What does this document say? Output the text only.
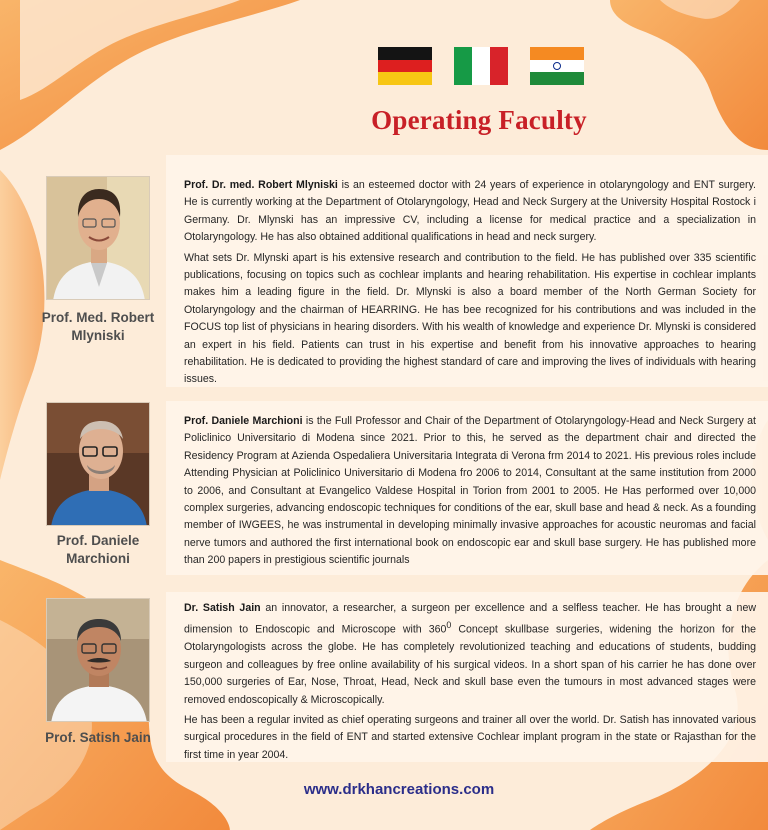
Operating Faculty
Prof. Med. Robert Mlyniski

Prof. Dr. med. Robert Mlyniski is an esteemed doctor with 24 years of experience in otolaryngology and ENT surgery. He is currently working at the Department of Otolaryngology, Head and Neck Surgery at the University Hospital Rostock i Germany. Dr. Mlynski has an impressive CV, including a license for medical practice and a specialization in Otolaryngology. He has also obtained additional qualifications in head and neck surgery.

What sets Dr. Mlynski apart is his extensive research and contribution to the field. He has published over 335 scientific publications, focusing on topics such as cochlear implants and hearing rehabilitation. His expertise in cochlear implants makes him a leading figure in the field. Dr. Mlynski is also a board member of the North German Society for Otolaryngology and the chairman of HEARRING. He has bee recognized for his contributions and was included in the FOCUS top list of physicians in hearing disorders. With his wealth of knowledge and experience Dr. Mlynski is considered an expert in his field. Patients can trust in his expertise and benefit from his innovative approaches to hearing rehabilitation. He is dedicated to providing the highest standard of care and improving the lives of individuals with hearing issues.

Prof. Daniele Marchioni

Prof. Daniele Marchioni is the Full Professor and Chair of the Department of Otolaryngology-Head and Neck Surgery at Policlinico Universitario di Modena since 2021. Prior to this, he served as the department chair and directed the Residency Program at Azienda Ospedaliera Universitaria Integrata di Verona frm 2014 to 2021. His previous roles include Attending Physician at Policlinico Universitario di Modena fro 2006 to 2014, Consultant at the same institution from 2000 to 2006, and Consultant at Evangelico Valdese Hospital in Torion from 2001 to 2005. He Has performed over 10,000 complex surgeries, advancing endoscopic techniques for conditions of the ear, skull base and head & neck. As a founding member of IWGEES, he was instrumental in developing minimally invasive approaches for acoustic neuromas and facial nerve tumors and authored the first international book on endoscopic ear and skull base surgery. He has published more than 200 papers in prestigious scientific journals

Prof. Satish Jain

Dr. Satish Jain an innovator, a researcher, a surgeon per excellence and a selfless teacher. He has brought a new dimension to Endoscopic and Microscope with $360^0$ Concept skullbase surgeries, widening the horizon for the Otolaryngologists across the globe. He has completely revolutionized teaching and educations of students, budding surgeon and colleagues by free online availability of his surgical videos. In a short span of his carrier he has done over 150,000 surgeries of Ear, Nose, Throat, Head, Neck and skull base even the tumours in most advanced stages were removed endoscopically & Microscopically.

He has been a regular invited as chief operating surgeons and trainer all over the world. Dr. Satish has innovated various surgical procedures in the field of ENT and started extensive Cochlear implant program in the state or Rajasthan for the first time in year 2004.

www.drkhancreations.com
